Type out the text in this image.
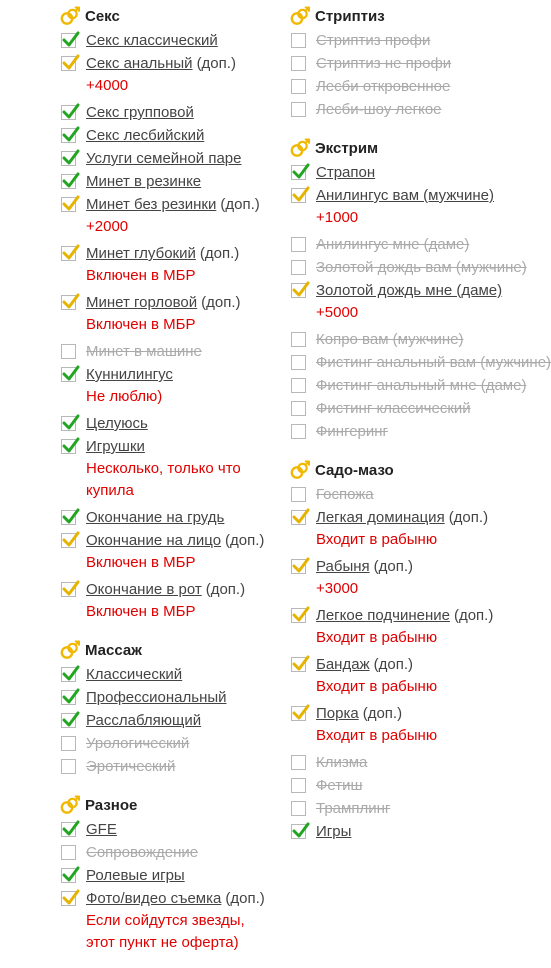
Секс
Секс классический
Секс анальный (доп.)
+4000
Секс групповой
Секс лесбийский
Услуги семейной паре
Минет в резинке
Минет без резинки (доп.)
+2000
Минет глубокий (доп.)
Включен в МБР
Минет горловой (доп.)
Включен в МБР
Минет в машине
Куннилингус
Не люблю)
Целуюсь
Игрушки
Несколько, только что купила
Окончание на грудь
Окончание на лицо (доп.)
Включен в МБР
Окончание в рот (доп.)
Включен в МБР
Массаж
Классический
Профессиональный
Расслабляющий
Урологический
Эротический
Разное
GFE
Сопровождение
Ролевые игры
Фото/видео съемка (доп.)
Если сойдутся звезды, этот пункт не оферта)
Стриптиз
Стриптиз профи
Стриптиз не профи
Лесби откровенное
Лесби-шоу легкое
Экстрим
Страпон
Анилингус вам (мужчине)
+1000
Анилингус мне (даме)
Золотой дождь вам (мужчине)
Золотой дождь мне (даме)
+5000
Копро вам (мужчине)
Фистинг анальный вам (мужчине)
Фистинг анальный мне (даме)
Фистинг классический
Фингеринг
Садо-мазо
Госпожа
Легкая доминация (доп.)
Входит в рабыню
Рабыня (доп.)
+3000
Легкое подчинение (доп.)
Входит в рабыню
Бандаж (доп.)
Входит в рабыню
Порка (доп.)
Входит в рабыню
Клизма
Фетиш
Трамплинг
Игры
